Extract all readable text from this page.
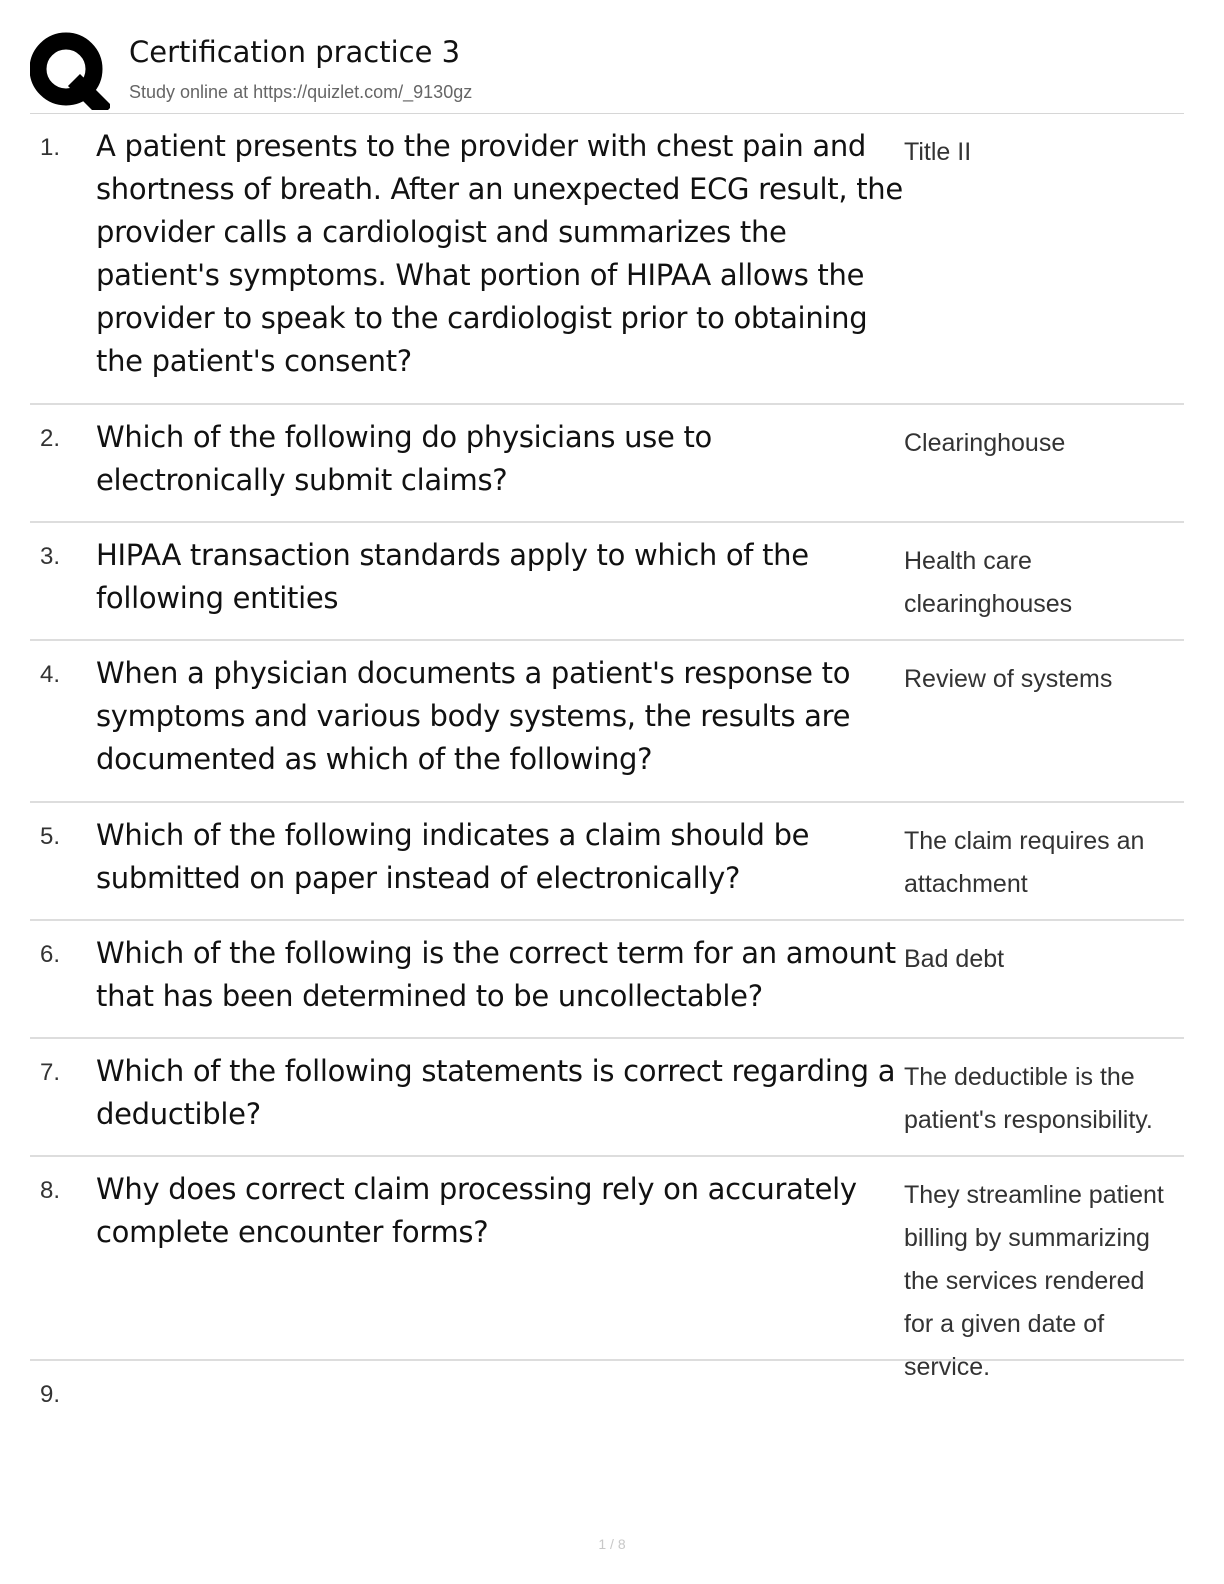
Certification practice 3
Study online at https://quizlet.com/_9130gz
1. A patient presents to the provider with chest pain and shortness of breath. After an unexpected ECG result, the provider calls a cardiologist and summarizes the patient's symptoms. What portion of HIPAA allows the provider to speak to the cardiologist prior to obtaining the patient's consent?
Title II
2. Which of the following do physicians use to electronically submit claims?
Clearinghouse
3. HIPAA transaction standards apply to which of the following entities
Health care clearinghouses
4. When a physician documents a patient's response to symptoms and various body systems, the results are documented as which of the following?
Review of systems
5. Which of the following indicates a claim should be submitted on paper instead of electronically?
The claim requires an attachment
6. Which of the following is the correct term for an amount that has been determined to be uncollectable?
Bad debt
7. Which of the following statements is correct regarding a deductible?
The deductible is the patient's responsibility.
8. Why does correct claim processing rely on accurately complete encounter forms?
They streamline patient billing by summarizing the services rendered for a given date of service.
9.
1 / 8
